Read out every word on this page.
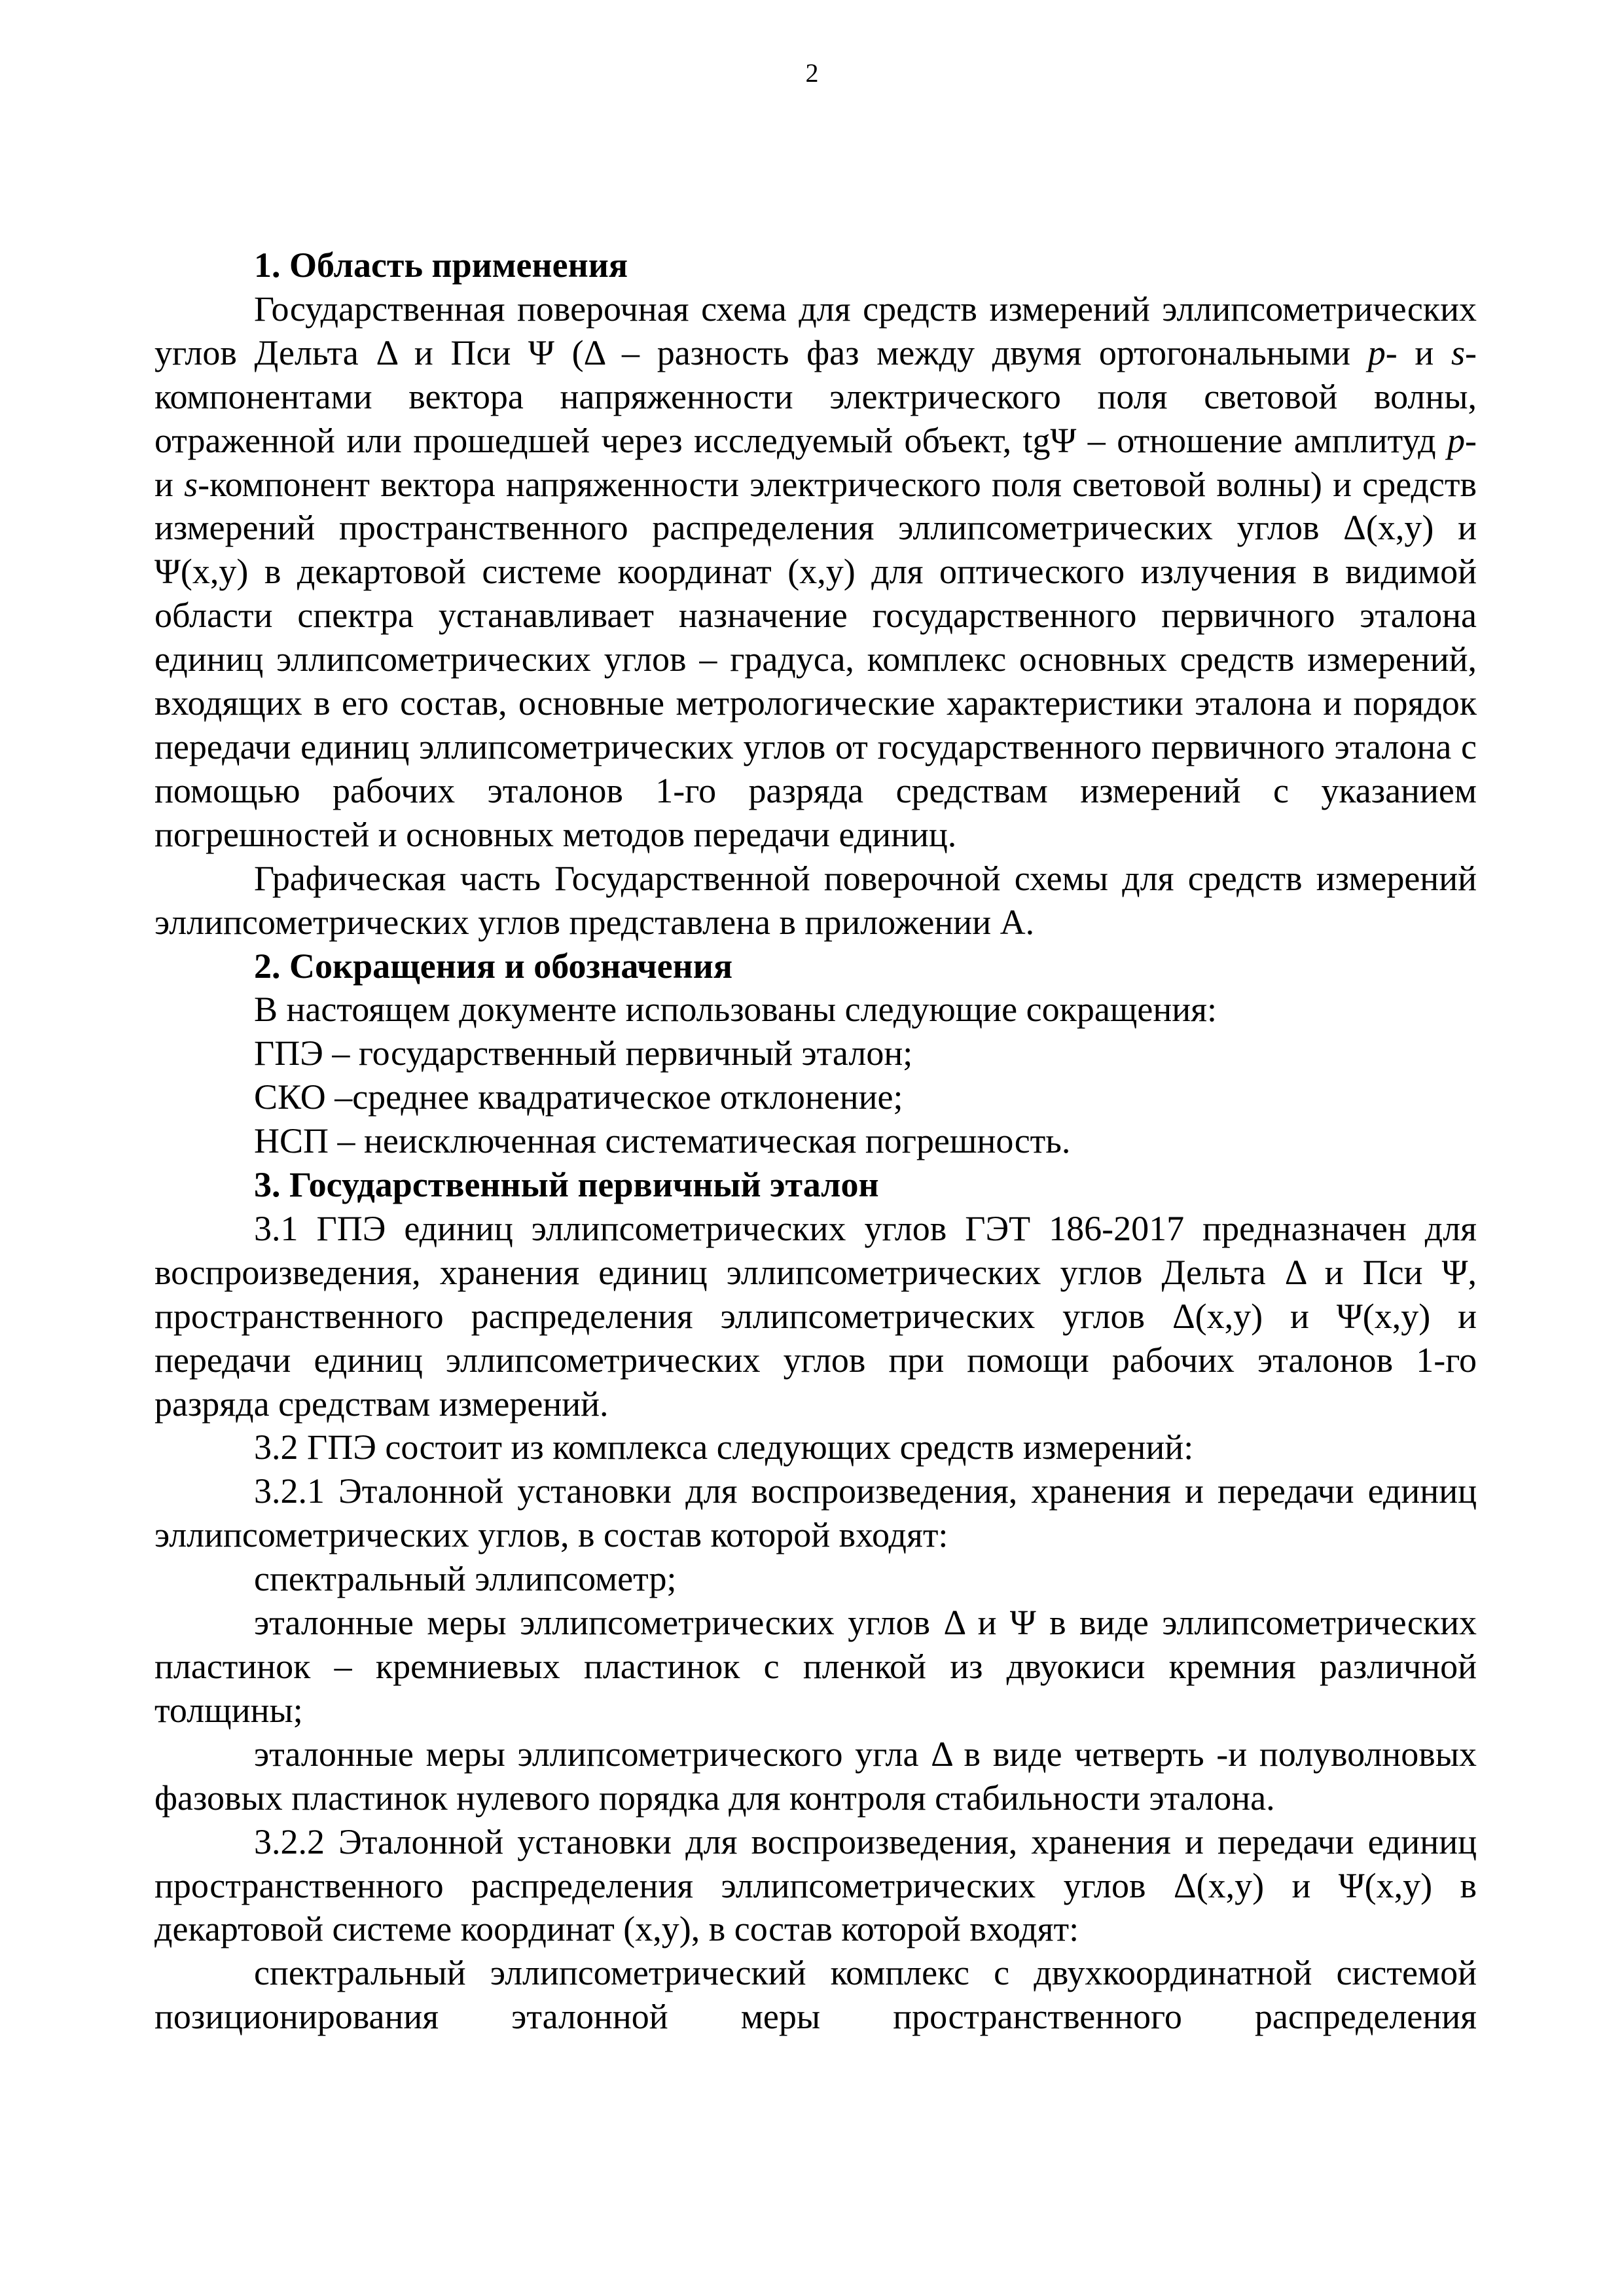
2

1. Область применения

Государственная поверочная схема для средств измерений эллипсометрических углов Дельта Δ и Пси Ψ (Δ – разность фаз между двумя ортогональными p- и s-компонентами вектора напряженности электрического поля световой волны, отраженной или прошедшей через исследуемый объект, tgΨ – отношение амплитуд p- и s-компонент вектора напряженности электрического поля световой волны) и средств измерений пространственного распределения эллипсометрических углов Δ(x,y) и Ψ(x,y) в декартовой системе координат (x,y) для оптического излучения в видимой области спектра устанавливает назначение государственного первичного эталона единиц эллипсометрических углов – градуса, комплекс основных средств измерений, входящих в его состав, основные метрологические характеристики эталона и порядок передачи единиц эллипсометрических углов от государственного первичного эталона с помощью рабочих эталонов 1-го разряда средствам измерений с указанием погрешностей и основных методов передачи единиц.

Графическая часть Государственной поверочной схемы для средств измерений эллипсометрических углов представлена в приложении А.

2. Сокращения и обозначения

В настоящем документе использованы следующие сокращения:

ГПЭ – государственный первичный эталон;

СКО –среднее квадратическое отклонение;

НСП – неисключенная систематическая погрешность.

3. Государственный первичный эталон

3.1 ГПЭ единиц эллипсометрических углов ГЭТ 186-2017 предназначен для воспроизведения, хранения единиц эллипсометрических углов Дельта Δ и Пси Ψ, пространственного распределения эллипсометрических углов Δ(x,y) и Ψ(x,y) и передачи единиц эллипсометрических углов при помощи рабочих эталонов 1-го разряда средствам измерений.

3.2 ГПЭ состоит из комплекса следующих средств измерений:

3.2.1 Эталонной установки для воспроизведения, хранения и передачи единиц эллипсометрических углов, в состав которой входят:

спектральный эллипсометр;

эталонные меры эллипсометрических углов Δ и Ψ в виде эллипсометрических пластинок – кремниевых пластинок с пленкой из двуокиси кремния различной толщины;

эталонные меры эллипсометрического угла Δ в виде четверть -и полуволновых фазовых пластинок нулевого порядка для контроля стабильности эталона.

3.2.2 Эталонной установки для воспроизведения, хранения и передачи единиц пространственного распределения эллипсометрических углов Δ(x,y) и Ψ(x,y) в декартовой системе координат (x,y), в состав которой входят:

спектральный эллипсометрический комплекс с двухкоординатной системой позиционирования эталонной меры пространственного распределения
